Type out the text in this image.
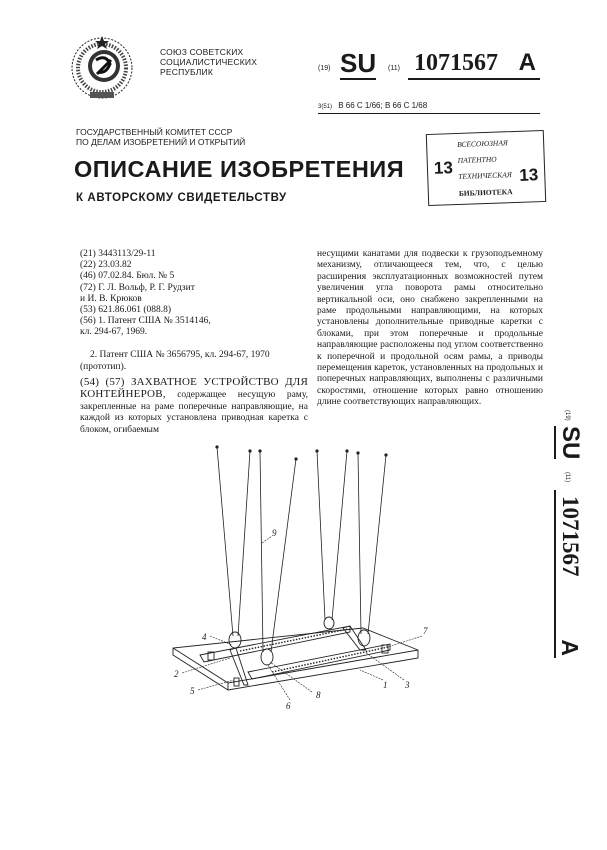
СОЮЗ СОВЕТСКИХ
СОЦИАЛИСТИЧЕСКИХ
РЕСПУБЛИК	(19) SU (11) 1071567 A
3(51) B 66 C 1/66; B 66 C 1/68
ГОСУДАРСТВЕННЫЙ КОМИТЕТ СССР
ПО ДЕЛАМ ИЗОБРЕТЕНИЙ И ОТКРЫТИЙ
ОПИСАНИЕ ИЗОБРЕТЕНИЯ
К АВТОРСКОМУ СВИДЕТЕЛЬСТВУ
ВСЕСОЮЗНАЯ
ПАТЕНТНО
ТЕХНИЧЕСКАЯ
БИБЛИОТЕКА
13	13
(21) 3443113/29-11
(22) 23.03.82
(46) 07.02.84. Бюл. № 5
(72) Г. Л. Вольф, Р. Г. Рудзит
и И. В. Крюков
(53) 621.86.061 (088.8)
(56) 1. Патент США № 3514146,
кл. 294-67, 1969.
2. Патент США № 3656795, кл. 294-67, 1970 (прототип).
(54) (57) ЗАХВАТНОЕ УСТРОЙСТВО ДЛЯ КОНТЕЙНЕРОВ, содержащее несущую раму, закрепленные на раме поперечные направляющие, на каждой из которых установлена приводная каретка с блоком, огибаемым
несущими канатами для подвески к грузоподъемному механизму, отличающееся тем, что, с целью расширения эксплуатационных возможностей путем увеличения угла поворота рамы относительно вертикальной оси, оно снабжено закрепленными на раме продольными направляющими, на которых установлены дополнительные приводные каретки с блоками, при этом поперечные и продольные направляющие расположены под углом соответственно к поперечной и продольной осям рамы, а приводы перемещения кареток, установленных на продольных и поперечных направляющих, выполнены с различными скоростями, отношение которых равно отношению длине соответствующих направляющих.
(19)
SU
(11)
1071567
A
9
4
2
5
6
8
1 3
7
